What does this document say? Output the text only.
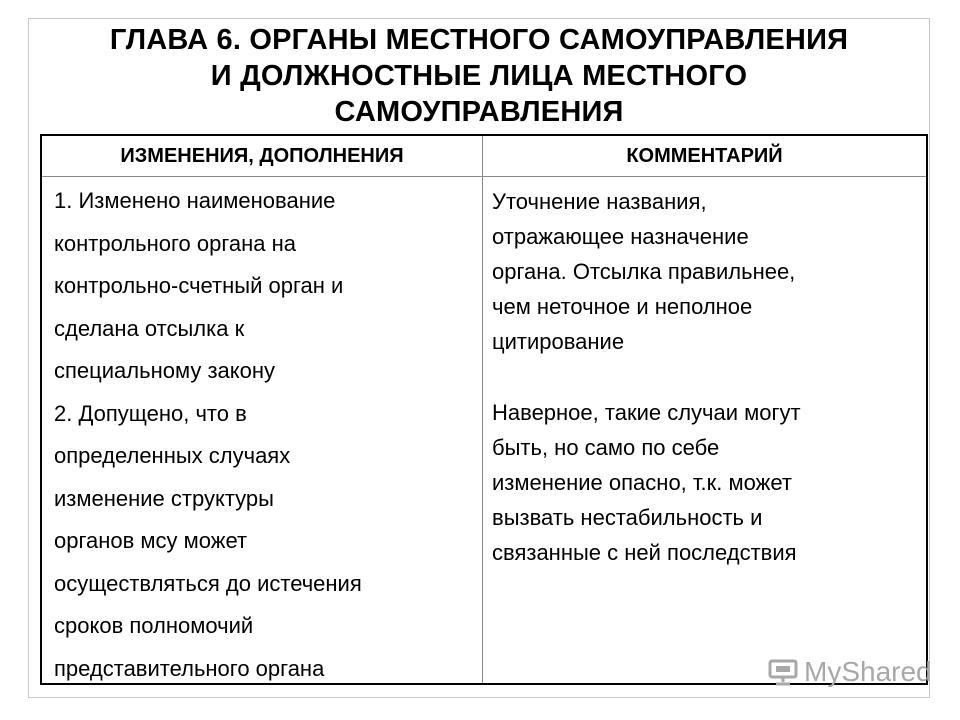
ГЛАВА 6. ОРГАНЫ МЕСТНОГО САМОУПРАВЛЕНИЯ
И ДОЛЖНОСТНЫЕ ЛИЦА МЕСТНОГО
САМОУПРАВЛЕНИЯ
ИЗМЕНЕНИЯ, ДОПОЛНЕНИЯ	КОММЕНТАРИЙ

1. Изменено наименование

контрольного органа на

контрольно-счетный орган и

сделана отсылка к

специальному закону

2. Допущено, что в

определенных случаях

изменение структуры

органов мсу может

осуществляться до истечения

сроков полномочий

представительного органа

Уточнение названия,

отражающее назначение

органа. Отсылка правильнее,

чем неточное и неполное

цитирование

Наверное, такие случаи могут

быть, но само по себе

изменение опасно, т.к. может

вызвать нестабильность и

связанные с ней последствия

MyShared
